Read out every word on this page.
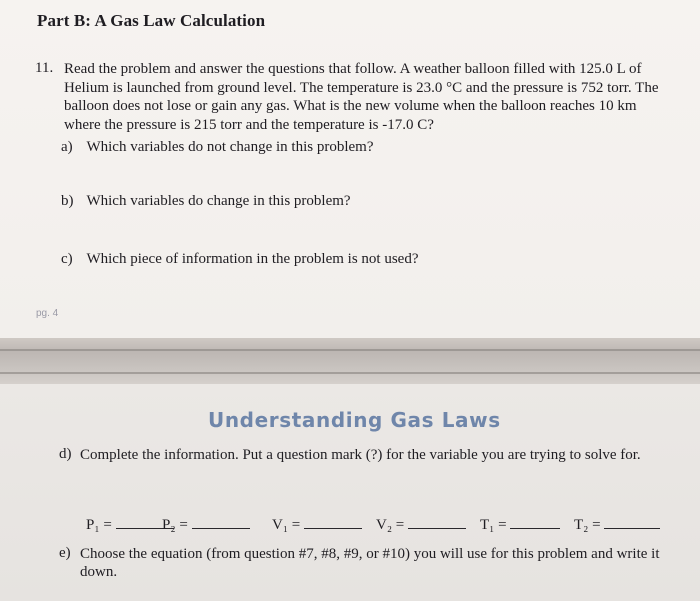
Part B: A Gas Law Calculation
11. Read the problem and answer the questions that follow. A weather balloon filled with 125.0 L of Helium is launched from ground level. The temperature is 23.0 °C and the pressure is 752 torr. The balloon does not lose or gain any gas. What is the new volume when the balloon reaches 10 km where the pressure is 215 torr and the temperature is -17.0 C?
a) Which variables do not change in this problem?
b) Which variables do change in this problem?
c) Which piece of information in the problem is not used?
pg. 4
Understanding Gas Laws
d) Complete the information. Put a question mark (?) for the variable you are trying to solve for.
P₁ =	P₂ =	V₁ =	V₂ =	T₁ =	T₂ =
e) Choose the equation (from question #7, #8, #9, or #10) you will use for this problem and write it down.
